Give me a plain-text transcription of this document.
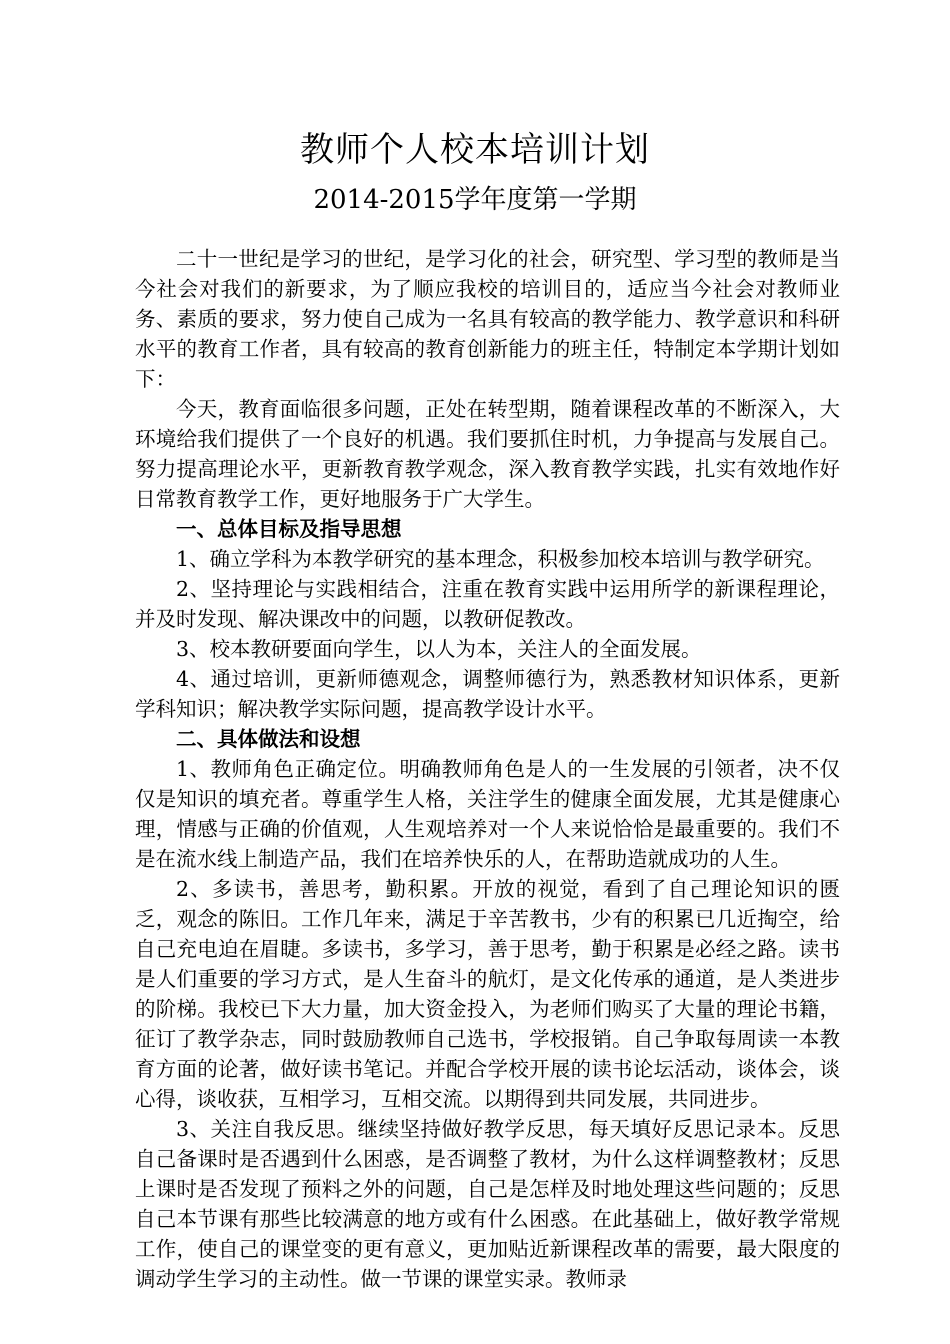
教师个人校本培训计划
2014-2015学年度第一学期

二十一世纪是学习的世纪，是学习化的社会，研究型、学习型的教师是当今社会对我们的新要求，为了顺应我校的培训目的，适应当今社会对教师业务、素质的要求，努力使自己成为一名具有较高的教学能力、教学意识和科研水平的教育工作者，具有较高的教育创新能力的班主任，特制定本学期计划如下：

今天，教育面临很多问题，正处在转型期，随着课程改革的不断深入，大环境给我们提供了一个良好的机遇。我们要抓住时机，力争提高与发展自己。努力提高理论水平，更新教育教学观念，深入教育教学实践，扎实有效地作好日常教育教学工作，更好地服务于广大学生。

一、总体目标及指导思想

1、确立学科为本教学研究的基本理念，积极参加校本培训与教学研究。

2、坚持理论与实践相结合，注重在教育实践中运用所学的新课程理论，并及时发现、解决课改中的问题，以教研促教改。

3、校本教研要面向学生，以人为本，关注人的全面发展。

4、通过培训，更新师德观念，调整师德行为，熟悉教材知识体系，更新学科知识；解决教学实际问题，提高教学设计水平。

二、具体做法和设想

1、教师角色正确定位。明确教师角色是人的一生发展的引领者，决不仅仅是知识的填充者。尊重学生人格，关注学生的健康全面发展，尤其是健康心理，情感与正确的价值观，人生观培养对一个人来说恰恰是最重要的。我们不是在流水线上制造产品，我们在培养快乐的人，在帮助造就成功的人生。

2、多读书，善思考，勤积累。开放的视觉，看到了自己理论知识的匮乏，观念的陈旧。工作几年来，满足于辛苦教书，少有的积累已几近掏空，给自己充电迫在眉睫。多读书，多学习，善于思考，勤于积累是必经之路。读书是人们重要的学习方式，是人生奋斗的航灯，是文化传承的通道，是人类进步的阶梯。我校已下大力量，加大资金投入，为老师们购买了大量的理论书籍，征订了教学杂志，同时鼓励教师自己选书，学校报销。自己争取每周读一本教育方面的论著，做好读书笔记。并配合学校开展的读书论坛活动，谈体会，谈心得，谈收获，互相学习，互相交流。以期得到共同发展，共同进步。

3、关注自我反思。继续坚持做好教学反思，每天填好反思记录本。反思自己备课时是否遇到什么困惑，是否调整了教材，为什么这样调整教材；反思上课时是否发现了预料之外的问题，自己是怎样及时地处理这些问题的；反思自己本节课有那些比较满意的地方或有什么困惑。在此基础上，做好教学常规工作，使自己的课堂变的更有意义，更加贴近新课程改革的需要，最大限度的调动学生学习的主动性。做一节课的课堂实录。教师录
